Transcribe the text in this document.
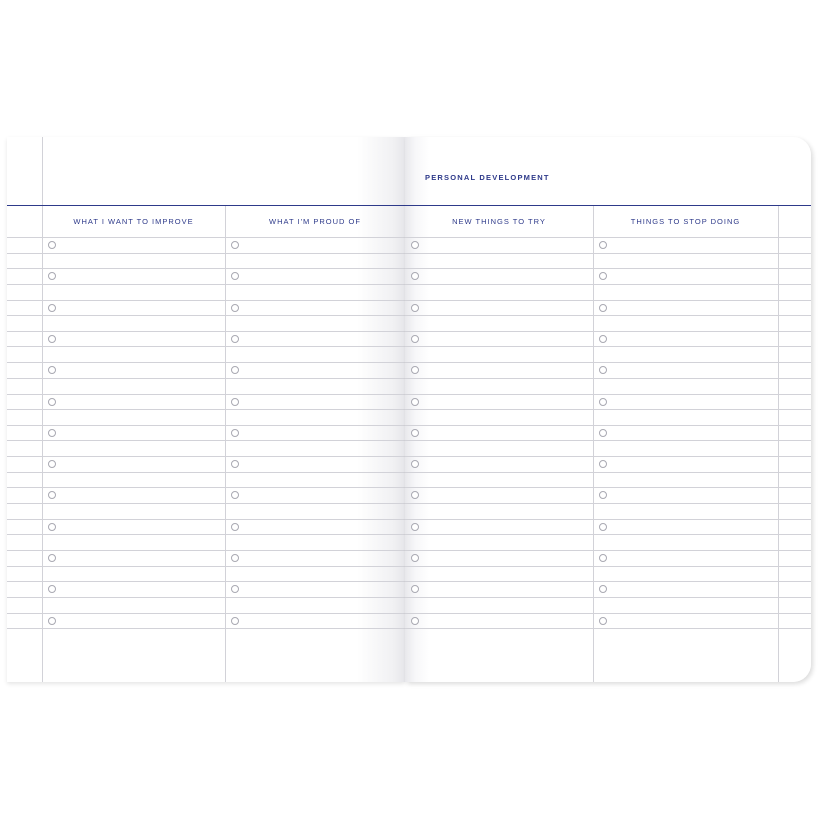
WHAT I WANT TO IMPROVE	WHAT I'M PROUD OF
PERSONAL DEVELOPMENT
NEW THINGS TO TRY	THINGS TO STOP DOING
